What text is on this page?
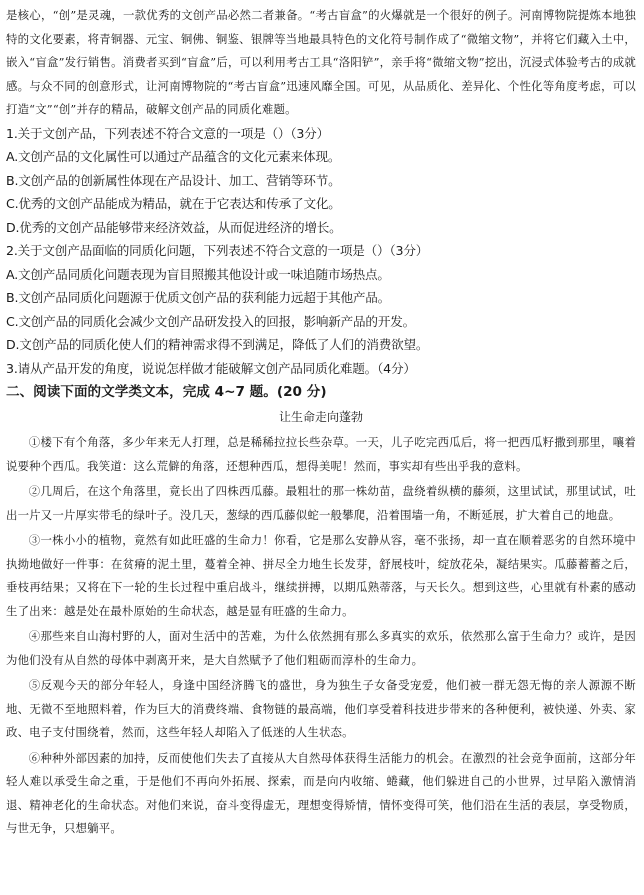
是核心，“创”是灵魂，一款优秀的文创产品必然二者兼备。“考古盲盒”的火爆就是一个很好的例子。河南博物院提炼本地独特的文化要素，将青铜器、元宝、铜佛、铜鉴、银牌等当地最具特色的文化符号制作成了“微缩文物”，并将它们藏入土中，嵌入“盲盒”发行销售。消费者买到“盲盒”后，可以利用考古工具“洛阳铲”，亲手将“微缩文物”挖出，沉浸式体验考古的成就感。与众不同的创意形式，让河南博物院的“考古盲盒”迅速风靡全国。可见，从品质化、差异化、个性化等角度考虑，可以打造“文”“创”并存的精品，破解文创产品的同质化难题。

1.关于文创产品，下列表述不符合文意的一项是（）（3分）

A.文创产品的文化属性可以通过产品蕴含的文化元素来体现。

B.文创产品的创新属性体现在产品设计、加工、营销等环节。

C.优秀的文创产品能成为精品，就在于它表达和传承了文化。

D.优秀的文创产品能够带来经济效益，从而促进经济的增长。

2.关于文创产品面临的同质化问题，下列表述不符合文意的一项是（）（3分）

A.文创产品同质化问题表现为盲目照搬其他设计或一味追随市场热点。

B.文创产品同质化问题源于优质文创产品的获利能力远超于其他产品。

C.文创产品的同质化会减少文创产品研发投入的回报，影响新产品的开发。

D.文创产品的同质化使人们的精神需求得不到满足，降低了人们的消费欲望。

3.请从产品开发的角度，说说怎样做才能破解文创产品同质化难题。（4分）

二、阅读下面的文学类文本，完成 4~7 题。(20 分)

让生命走向蓬勃

①楼下有个角落，多少年来无人打理，总是稀稀拉拉长些杂草。一天，儿子吃完西瓜后，将一把西瓜籽撒到那里，嚷着说要种个西瓜。我笑道：这么荒僻的角落，还想种西瓜，想得美呢！然而，事实却有些出乎我的意料。

②几周后，在这个角落里，竟长出了四株西瓜藤。最粗壮的那一株幼苗，盘绕着纵横的藤须，这里试试，那里试试，吐出一片又一片厚实带毛的绿叶子。没几天，葱绿的西瓜藤似蛇一般攀爬，沿着围墙一角，不断延展，扩大着自己的地盘。

③一株小小的植物，竟然有如此旺盛的生命力！你看，它是那么安静从容，毫不张扬，却一直在顺着恶劣的自然环境中执拗地做好一件事：在贫瘠的泥土里，蔓着全神、拼尽全力地生长发芽，舒展枝叶，绽放花朵，凝结果实。瓜藤蓄蓄之后，垂枝再结果；又将在下一轮的生长过程中重启战斗，继续拼搏，以期瓜熟蒂落，与天长久。想到这些，心里就有朴素的感动生了出来：越是处在最朴原始的生命状态，越是显有旺盛的生命力。

④那些来自山海村野的人，面对生活中的苦难，为什么依然拥有那么多真实的欢乐，依然那么富于生命力？或许，是因为他们没有从自然的母体中剥离开来，是大自然赋予了他们粗砺而淳朴的生命力。

⑤反观今天的部分年轻人，身逢中国经济腾飞的盛世，身为独生子女备受宠爱，他们被一群无怨无悔的亲人源源不断地、无微不至地照料着，作为巨大的消费终端、食物链的最高端，他们享受着科技进步带来的各种便利，被快递、外卖、家政、电子支付围绕着，然而，这些年轻人却陷入了低迷的人生状态。

⑥种种外部因素的加持，反而使他们失去了直接从大自然母体获得生活能力的机会。在激烈的社会竞争面前，这部分年轻人难以承受生命之重，于是他们不再向外拓展、探索，而是向内收缩、蜷藏，他们躲进自己的小世界，过早陷入激情消退、精神老化的生命状态。对他们来说，奋斗变得虚无，理想变得矫情，情怀变得可笑，他们沿在生活的表层，享受物质，与世无争，只想躺平。
